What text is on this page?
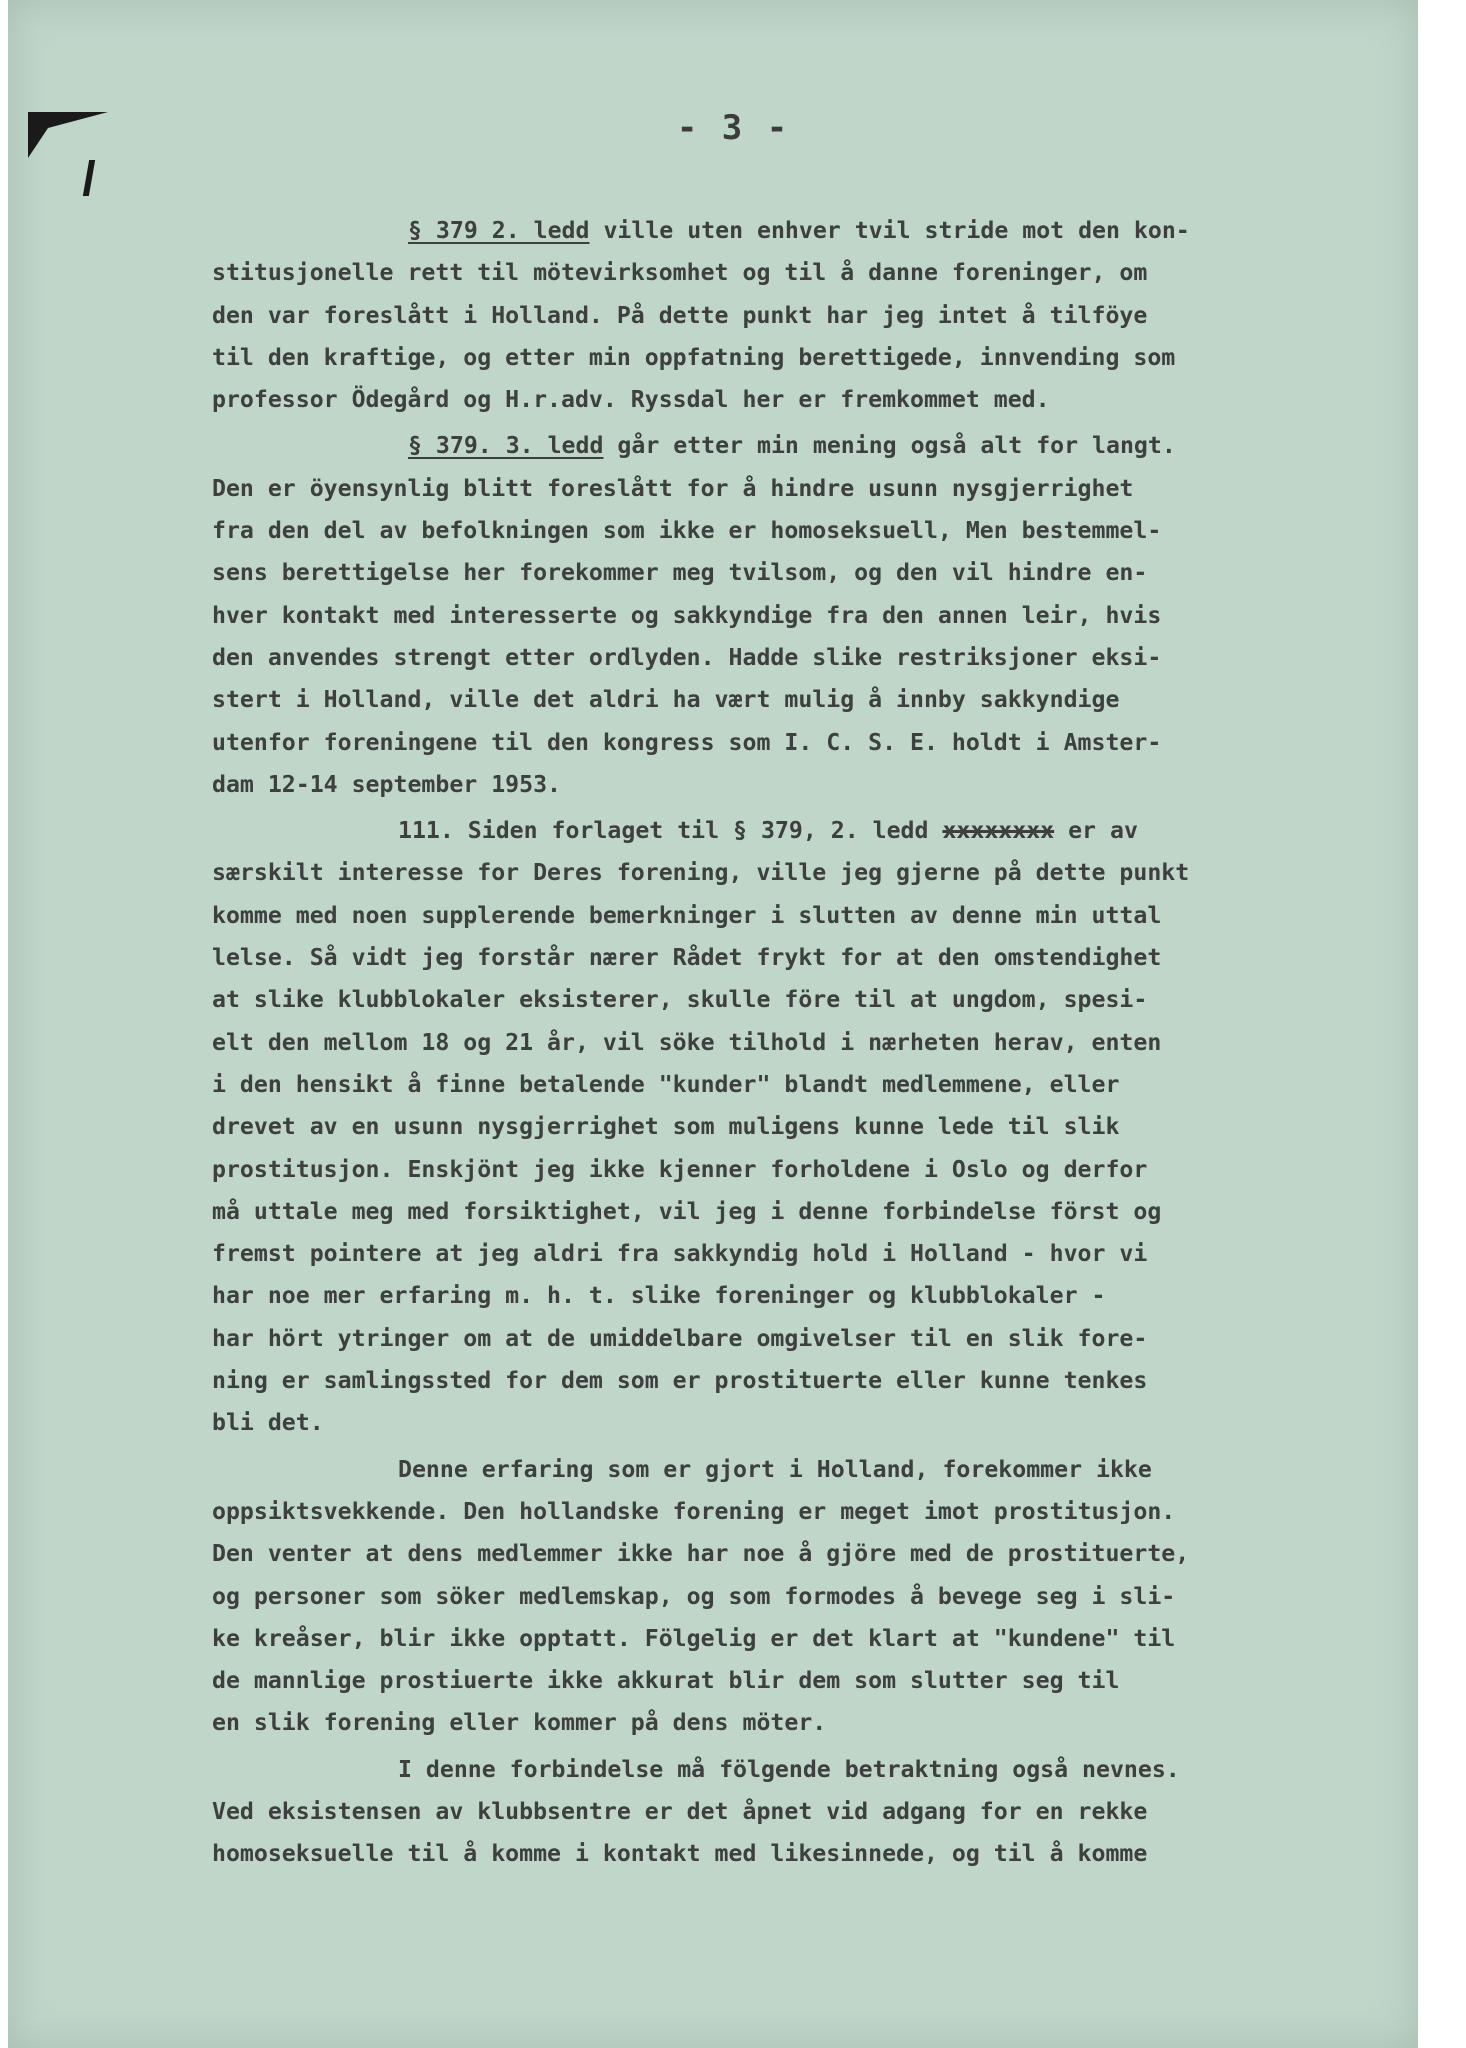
- 3 -
§ 379 2. ledd ville uten enhver tvil stride mot den kon-
stitusjonelle rett til mötevirksomhet og til å danne foreninger, om
den var foreslått i Holland. På dette punkt har jeg intet å tilföye
til den kraftige, og etter min oppfatning berettigede, innvending som
professor Ödegård og H.r.adv. Ryssdal her er fremkommet med.
§ 379. 3. ledd går etter min mening også alt for langt.
Den er öyensynlig blitt foreslått for å hindre usunn nysgjerrighet
fra den del av befolkningen som ikke er homoseksuell, Men bestemmel-
sens berettigelse her forekommer meg tvilsom, og den vil hindre en-
hver kontakt med interesserte og sakkyndige fra den annen leir, hvis
den anvendes strengt etter ordlyden. Hadde slike restriksjoner eksi-
stert i Holland, ville det aldri ha vært mulig å innby sakkyndige
utenfor foreningene til den kongress som I. C. S. E. holdt i Amster-
dam 12-14 september 1953.
111. Siden forlaget til § 379, 2. ledd xxxxxxxx er av
særskilt interesse for Deres forening, ville jeg gjerne på dette punkt
komme med noen supplerende bemerkninger i slutten av denne min uttal
lelse. Så vidt jeg forstår nærer Rådet frykt for at den omstendighet
at slike klubblokaler eksisterer, skulle före til at ungdom, spesi-
elt den mellom 18 og 21 år, vil söke tilhold i nærheten herav, enten
i den hensikt å finne betalende "kunder" blandt medlemmene, eller
drevet av en usunn nysgjerrighet som muligens kunne lede til slik
prostitusjon. Enskjönt jeg ikke kjenner forholdene i Oslo og derfor
må uttale meg med forsiktighet, vil jeg i denne forbindelse först og
fremst pointere at jeg aldri fra sakkyndig hold i Holland - hvor vi
har noe mer erfaring m. h. t. slike foreninger og klubblokaler -
har hört ytringer om at de umiddelbare omgivelser til en slik fore-
ning er samlingssted for dem som er prostituerte eller kunne tenkes
bli det.
Denne erfaring som er gjort i Holland, forekommer ikke
oppsiktsvekkende. Den hollandske forening er meget imot prostitusjon.
Den venter at dens medlemmer ikke har noe å gjöre med de prostituerte,
og personer som söker medlemskap, og som formodes å bevege seg i sli-
ke kreåser, blir ikke opptatt. Fölgelig er det klart at "kundene" til
de mannlige prostiuerte ikke akkurat blir dem som slutter seg til
en slik forening eller kommer på dens möter.
I denne forbindelse må fölgende betraktning også nevnes.
Ved eksistensen av klubbsentre er det åpnet vid adgang for en rekke
homoseksuelle til å komme i kontakt med likesinnede, og til å komme
